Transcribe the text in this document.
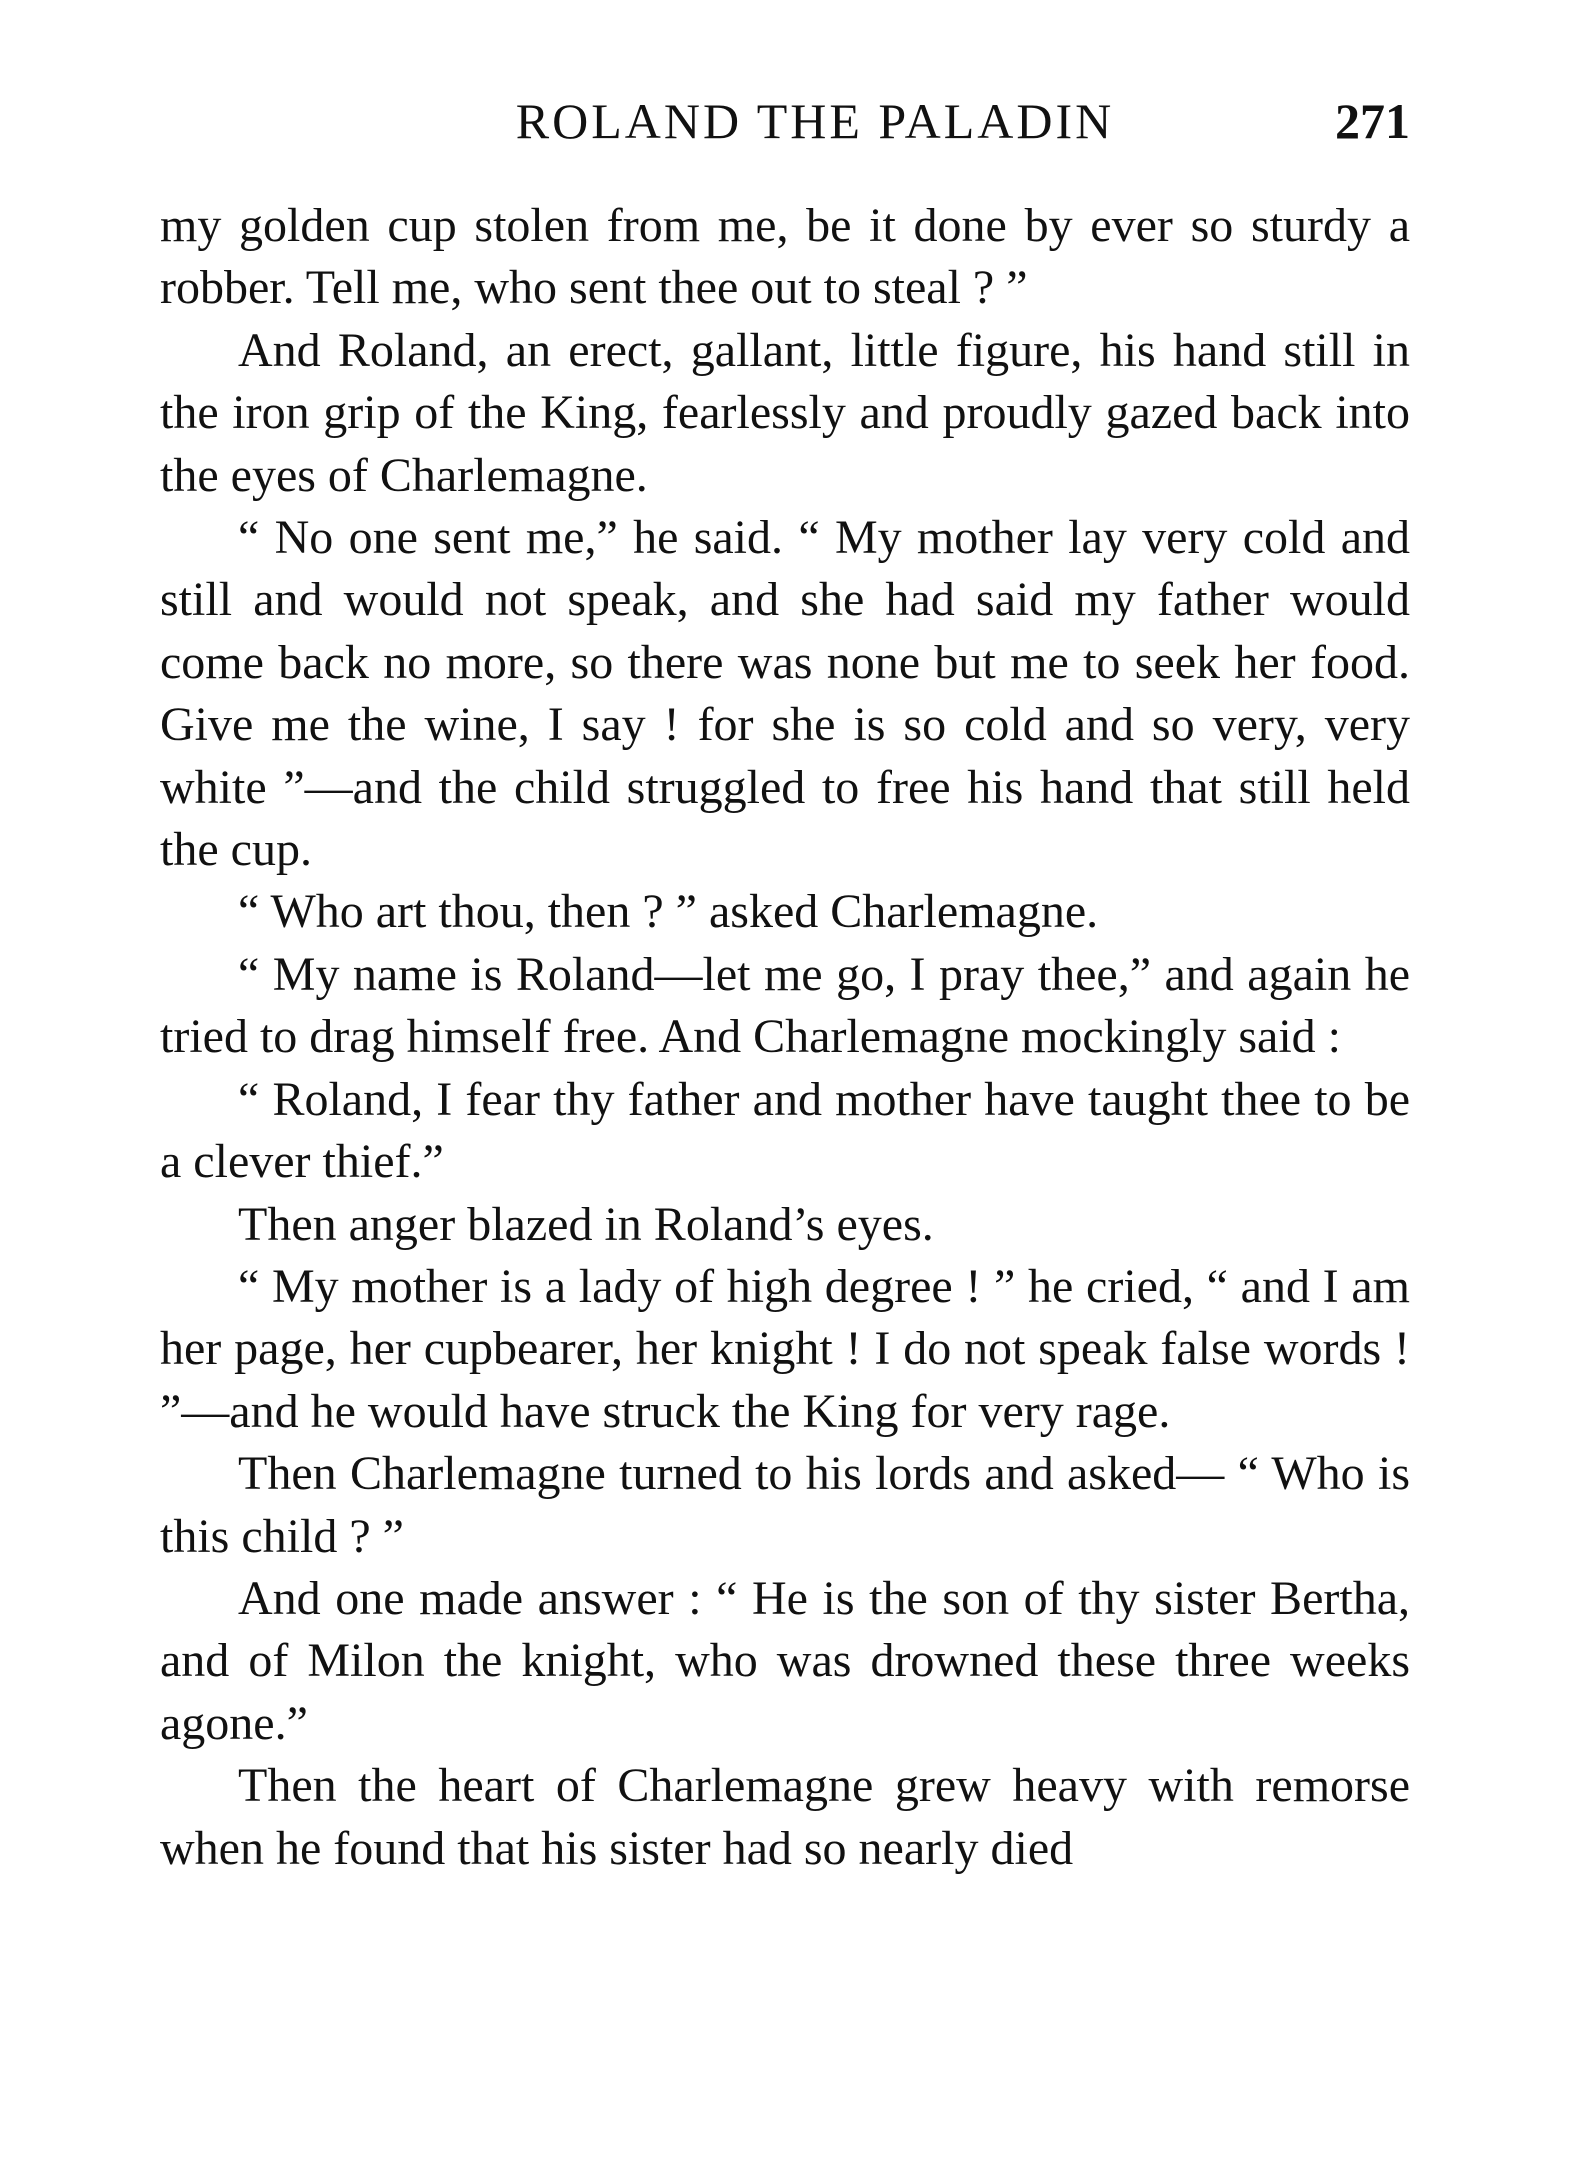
ROLAND THE PALADIN	271

my golden cup stolen from me, be it done by ever so sturdy a robber. Tell me, who sent thee out to steal ? ”

And Roland, an erect, gallant, little figure, his hand still in the iron grip of the King, fearlessly and proudly gazed back into the eyes of Charlemagne.

“ No one sent me,” he said. “ My mother lay very cold and still and would not speak, and she had said my father would come back no more, so there was none but me to seek her food. Give me the wine, I say ! for she is so cold and so very, very white ”—and the child struggled to free his hand that still held the cup.

“ Who art thou, then ? ” asked Charlemagne.

“ My name is Roland—let me go, I pray thee,” and again he tried to drag himself free. And Charlemagne mockingly said :

“ Roland, I fear thy father and mother have taught thee to be a clever thief.”

Then anger blazed in Roland’s eyes.

“ My mother is a lady of high degree ! ” he cried, “ and I am her page, her cupbearer, her knight ! I do not speak false words ! ”—and he would have struck the King for very rage.

Then Charlemagne turned to his lords and asked— “ Who is this child ? ”

And one made answer : “ He is the son of thy sister Bertha, and of Milon the knight, who was drowned these three weeks agone.”

Then the heart of Charlemagne grew heavy with remorse when he found that his sister had so nearly died
